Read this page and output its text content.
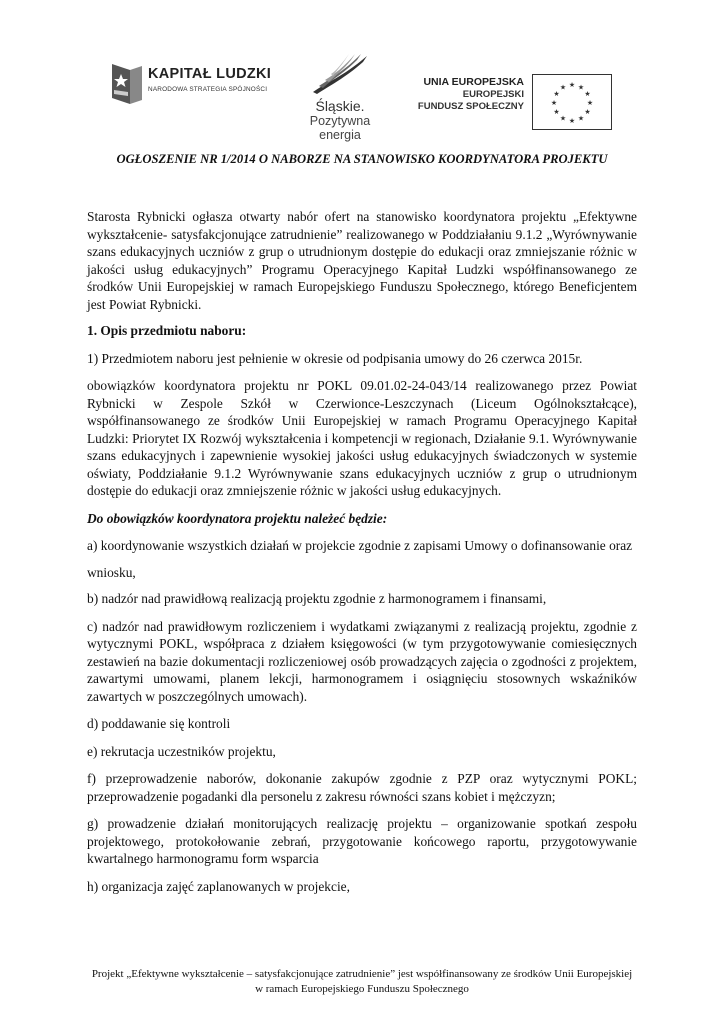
KAPITAŁ LUDZKI
NARODOWA STRATEGIA SPÓJNOŚCI
Śląskie.
Pozytywna energia
UNIA EUROPEJSKA
EUROPEJSKI
FUNDUSZ SPOŁECZNY
★ ★
★
★
★
★
★
★
★
★
★
★
OGŁOSZENIE NR 1/2014 O NABORZE NA STANOWISKO KOORDYNATORA PROJEKTU

Starosta Rybnicki ogłasza otwarty nabór ofert na stanowisko koordynatora projektu „Efektywne wykształcenie- satysfakcjonujące zatrudnienie” realizowanego w Poddziałaniu 9.1.2 „Wyrównywanie szans edukacyjnych uczniów z grup o utrudnionym dostępie do edukacji oraz zmniejszanie różnic w jakości usług edukacyjnych” Programu Operacyjnego Kapitał Ludzki współfinansowanego ze środków Unii Europejskiej w ramach Europejskiego Funduszu Społecznego, którego Beneficjentem jest Powiat Rybnicki.

1. Opis przedmiotu naboru:

1) Przedmiotem naboru jest pełnienie w okresie od podpisania umowy do 26 czerwca 2015r.

obowiązków koordynatora projektu nr POKL 09.01.02-24-043/14 realizowanego przez Powiat Rybnicki w Zespole Szkół w Czerwionce-Leszczynach (Liceum Ogólnokształcące), współfinansowanego ze środków Unii Europejskiej w ramach Programu Operacyjnego Kapitał Ludzki: Priorytet IX Rozwój wykształcenia i kompetencji w regionach, Działanie 9.1. Wyrównywanie szans edukacyjnych i zapewnienie wysokiej jakości usług edukacyjnych świadczonych w systemie oświaty, Poddziałanie 9.1.2 Wyrównywanie szans edukacyjnych uczniów z grup o utrudnionym dostępie do edukacji oraz zmniejszenie różnic w jakości usług edukacyjnych.

Do obowiązków koordynatora projektu należeć będzie:

a) koordynowanie wszystkich działań w projekcie zgodnie z zapisami Umowy o dofinansowanie oraz

wniosku,

b) nadzór nad prawidłową realizacją projektu zgodnie z harmonogramem i finansami,

c) nadzór nad prawidłowym rozliczeniem i wydatkami związanymi z realizacją projektu, zgodnie z wytycznymi POKL, współpraca z działem księgowości (w tym przygotowywanie comiesięcznych zestawień na bazie dokumentacji rozliczeniowej osób prowadzących zajęcia o zgodności z projektem, zawartymi umowami, planem lekcji, harmonogramem i osiągnięciu stosownych wskaźników zawartych w poszczególnych umowach).

d) poddawanie się kontroli

e) rekrutacja uczestników projektu,

f) przeprowadzenie naborów, dokonanie zakupów zgodnie z PZP oraz wytycznymi POKL; przeprowadzenie pogadanki dla personelu z zakresu równości szans kobiet i mężczyzn;

g) prowadzenie działań monitorujących realizację projektu – organizowanie spotkań zespołu projektowego, protokołowanie zebrań, przygotowanie końcowego raportu, przygotowywanie kwartalnego harmonogramu form wsparcia

h) organizacja zajęć zaplanowanych w projekcie,

Projekt „Efektywne wykształcenie – satysfakcjonujące zatrudnienie” jest współfinansowany ze środków Unii Europejskiej
w ramach Europejskiego Funduszu Społecznego
